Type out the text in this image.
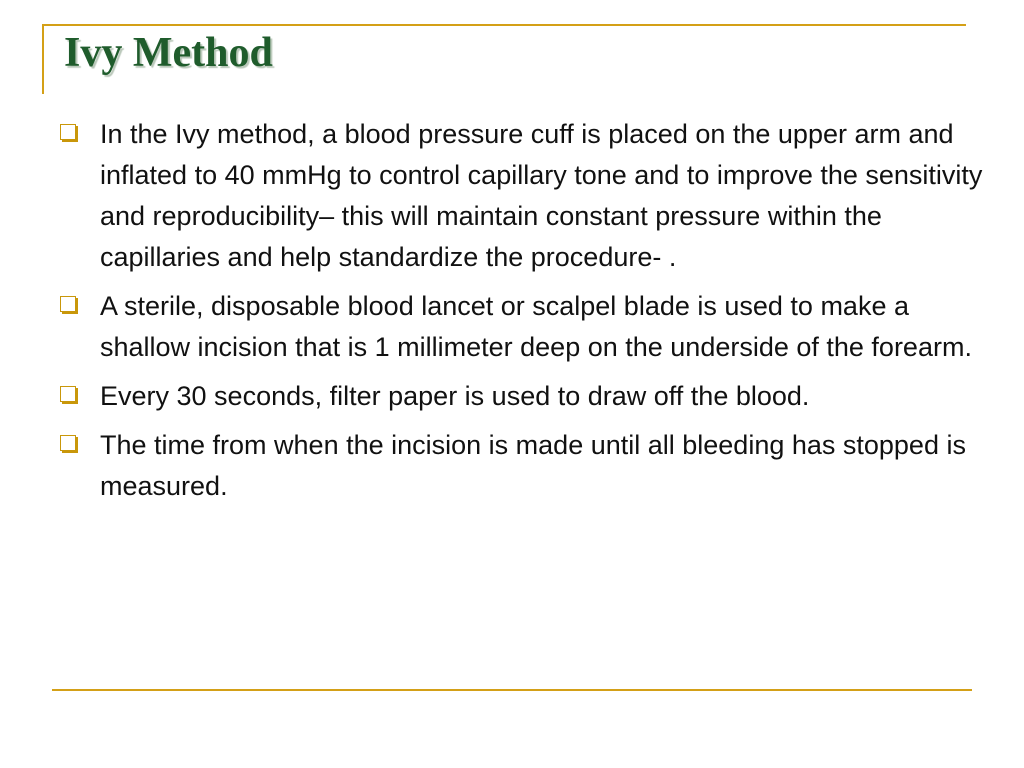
Ivy Method
In the Ivy method, a blood pressure cuff is placed on the upper arm and inflated to 40 mmHg to control capillary tone and to improve the sensitivity and reproducibility– this will maintain constant pressure within the capillaries and help standardize the procedure- .
A sterile, disposable blood lancet or scalpel blade is used to make a shallow incision that is 1 millimeter deep on the underside of the forearm.
Every 30 seconds, filter paper is used to draw off the blood.
The time from when the incision is made until all bleeding has stopped is measured.
